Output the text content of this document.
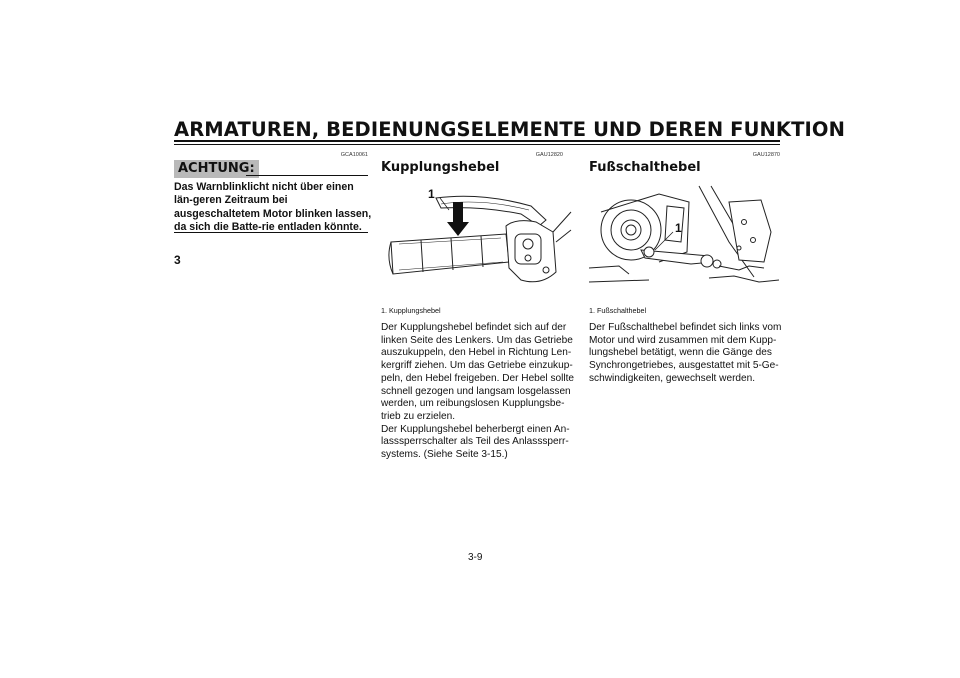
ARMATUREN, BEDIENUNGSELEMENTE UND DEREN FUNKTION
3
GCA10061
ACHTUNG:
Das Warnblinklicht nicht über einen län-geren Zeitraum bei ausgeschaltetem Motor blinken lassen, da sich die Batte-rie entladen könnte.
GAU12820
Kupplungshebel
1
1. Kupplungshebel
Der Kupplungshebel befindet sich auf der
linken Seite des Lenkers. Um das Getriebe
auszukuppeln, den Hebel in Richtung Len-
kergriff ziehen. Um das Getriebe einzukup-
peln, den Hebel freigeben. Der Hebel sollte
schnell gezogen und langsam losgelassen
werden, um reibungslosen Kupplungsbe-
trieb zu erzielen.
Der Kupplungshebel beherbergt einen An-
lasssperrschalter als Teil des Anlasssperr-
systems. (Siehe Seite 3-15.)
GAU12870
Fußschalthebel
1
1. Fußschalthebel
Der Fußschalthebel befindet sich links vom
Motor und wird zusammen mit dem Kupp-
lungshebel betätigt, wenn die Gänge des
Synchrongetriebes, ausgestattet mit 5-Ge-
schwindigkeiten, gewechselt werden.
3-9
